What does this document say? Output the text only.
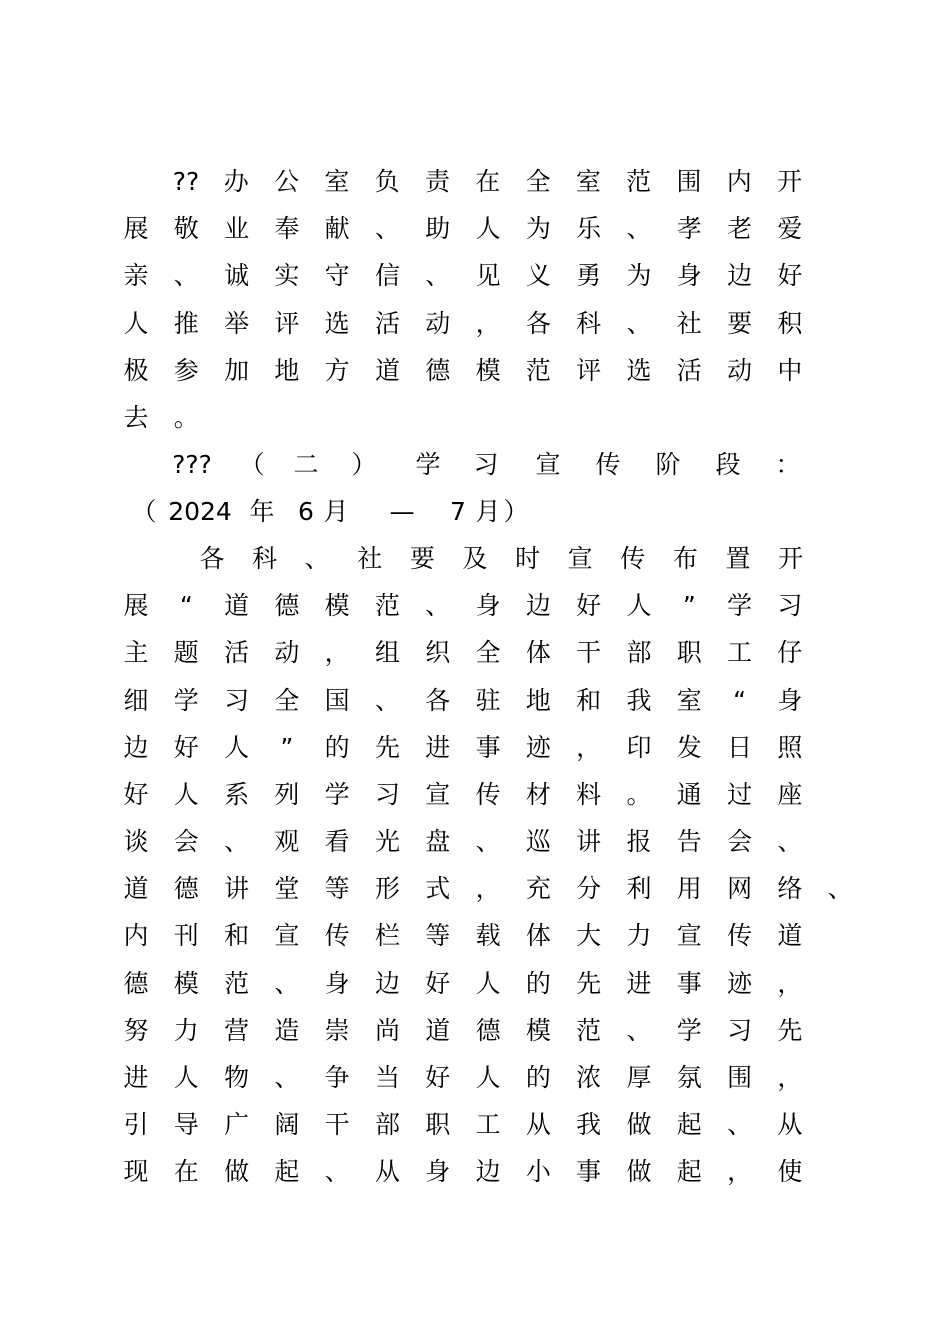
?? 办 公 室 负 责 在 全 室 范 围 内 开
展 敬 业 奉 献 、 助 人 为 乐 、 孝 老 爱
亲 、 诚 实 守 信 、 见 义 勇 为 身 边 好
人 推 举 评 选 活 动 ， 各 科 、 社 要 积
极 参 加 地 方 道 德 模 范 评 选 活 动 中
去 。
???	（ 二 ） 学 习 宣 传 阶 段 ：
（ 2024 年 6 月 — 7 月 ）
各 科 、 社 要 及 时 宣 传 布 置 开
展	“	道 德 模 范 、 身 边 好 人	”	学 习
主 题 活 动 ， 组 织 全 体 干 部 职 工 仔
细 学 习 全 国 、 各 驻 地 和 我 室	“	身
边 好 人	”	的 先 进 事 迹 ， 印 发 日 照
好 人 系 列 学 习 宣 传 材 料 。 通 过 座
谈 会 、 观 看 光 盘 、 巡 讲 报 告 会 、
道 德 讲 堂 等 形 式 ， 充 分 利 用 网 络 、
内 刊 和 宣 传 栏 等 载 体 大 力 宣 传 道
德 模 范 、 身 边 好 人 的 先 进 事 迹 ，
努 力 营 造 崇 尚 道 德 模 范 、 学 习 先
进 人 物 、 争 当 好 人 的 浓 厚 氛 围 ，
引 导 广 阔 干 部 职 工 从 我 做 起 、 从
现 在 做 起 、 从 身 边 小 事 做 起 ， 使
